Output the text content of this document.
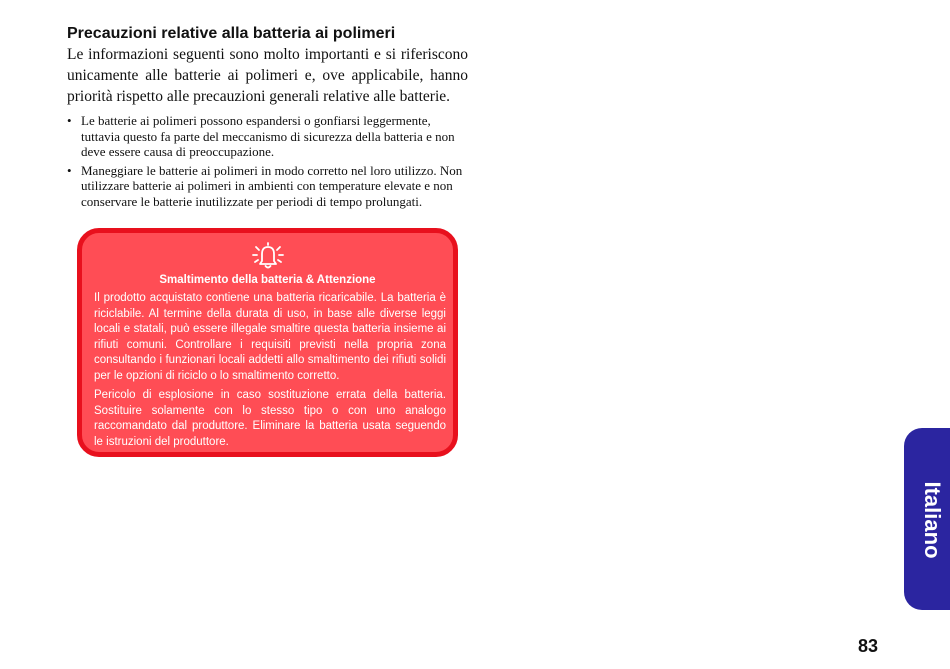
Precauzioni relative alla batteria ai polimeri

Le informazioni seguenti sono molto importanti e si riferiscono unicamente alle batterie ai polimeri e, ove applicabile, hanno priorità rispetto alle precauzioni generali relative alle batterie.

• Le batterie ai polimeri possono espandersi o gonfiarsi leggermente, tuttavia questo fa parte del meccanismo di sicurezza della batteria e non deve essere causa di preoccupazione.
• Maneggiare le batterie ai polimeri in modo corretto nel loro utilizzo. Non utilizzare batterie ai polimeri in ambienti con temperature elevate e non conservare le batterie inutilizzate per periodi di tempo prolungati.

Smaltimento della batteria & Attenzione

Il prodotto acquistato contiene una batteria ricaricabile. La batteria è riciclabile. Al termine della durata di uso, in base alle diverse leggi locali e statali, può essere illegale smaltire questa batteria insieme ai rifiuti comuni. Controllare i requisiti previsti nella propria zona consultando i funzionari locali addetti allo smaltimento dei rifiuti solidi per le opzioni di riciclo o lo smaltimento corretto.

Pericolo di esplosione in caso sostituzione errata della batteria. Sostituire solamente con lo stesso tipo o con uno analogo raccomandato dal produttore. Eliminare la batteria usata seguendo le istruzioni del produttore.

Italiano
83
